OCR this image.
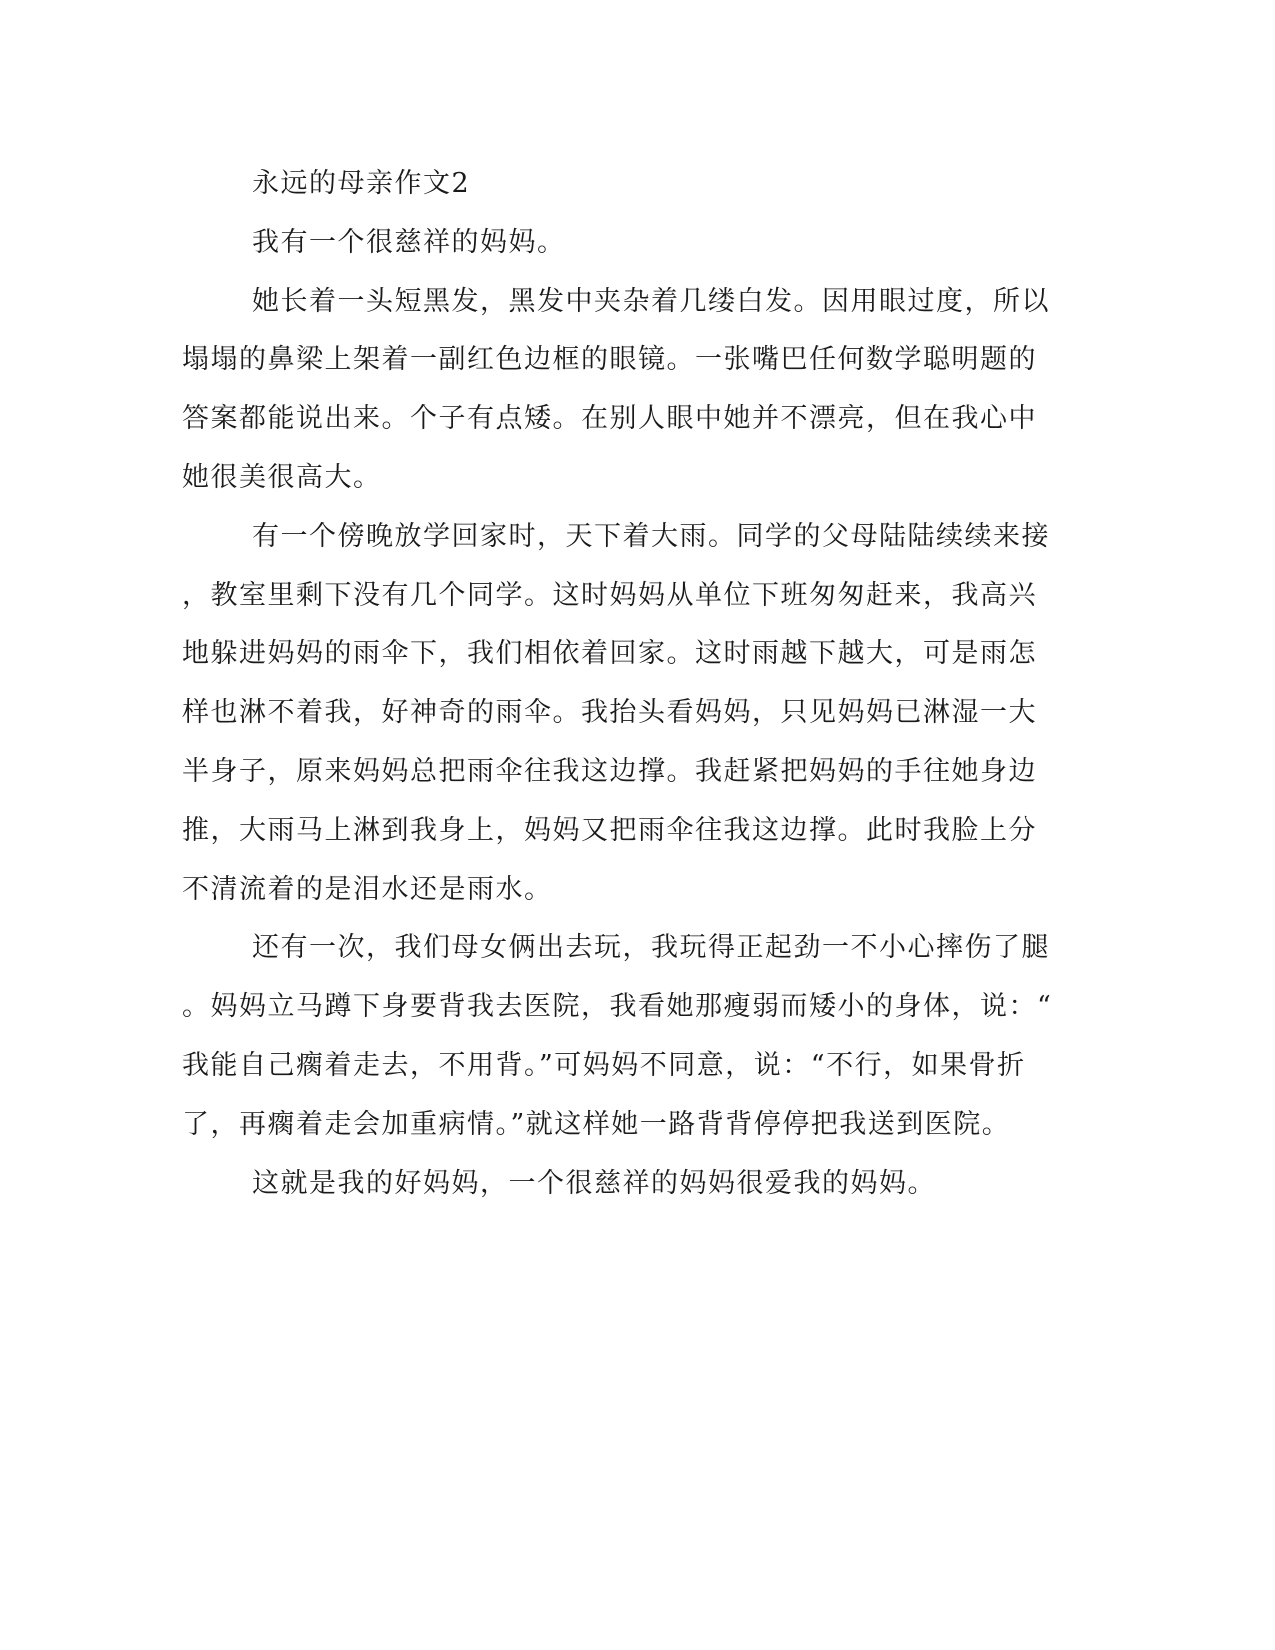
永远的母亲作文2
我有一个很慈祥的妈妈。
她长着一头短黑发，黑发中夹杂着几缕白发。因用眼过度，所以
塌塌的鼻梁上架着一副红色边框的眼镜。一张嘴巴任何数学聪明题的
答案都能说出来。个子有点矮。在别人眼中她并不漂亮，但在我心中
她很美很高大。
有一个傍晚放学回家时，天下着大雨。同学的父母陆陆续续来接
，教室里剩下没有几个同学。这时妈妈从单位下班匆匆赶来，我高兴
地躲进妈妈的雨伞下，我们相依着回家。这时雨越下越大，可是雨怎
样也淋不着我，好神奇的雨伞。我抬头看妈妈，只见妈妈已淋湿一大
半身子，原来妈妈总把雨伞往我这边撑。我赶紧把妈妈的手往她身边
推，大雨马上淋到我身上，妈妈又把雨伞往我这边撑。此时我脸上分
不清流着的是泪水还是雨水。
还有一次，我们母女俩出去玩，我玩得正起劲一不小心摔伤了腿
。妈妈立马蹲下身要背我去医院，我看她那瘦弱而矮小的身体，说：“
我能自己瘸着走去，不用背。”可妈妈不同意，说：“不行，如果骨折
了，再瘸着走会加重病情。”就这样她一路背背停停把我送到医院。
这就是我的好妈妈，一个很慈祥的妈妈很爱我的妈妈。
